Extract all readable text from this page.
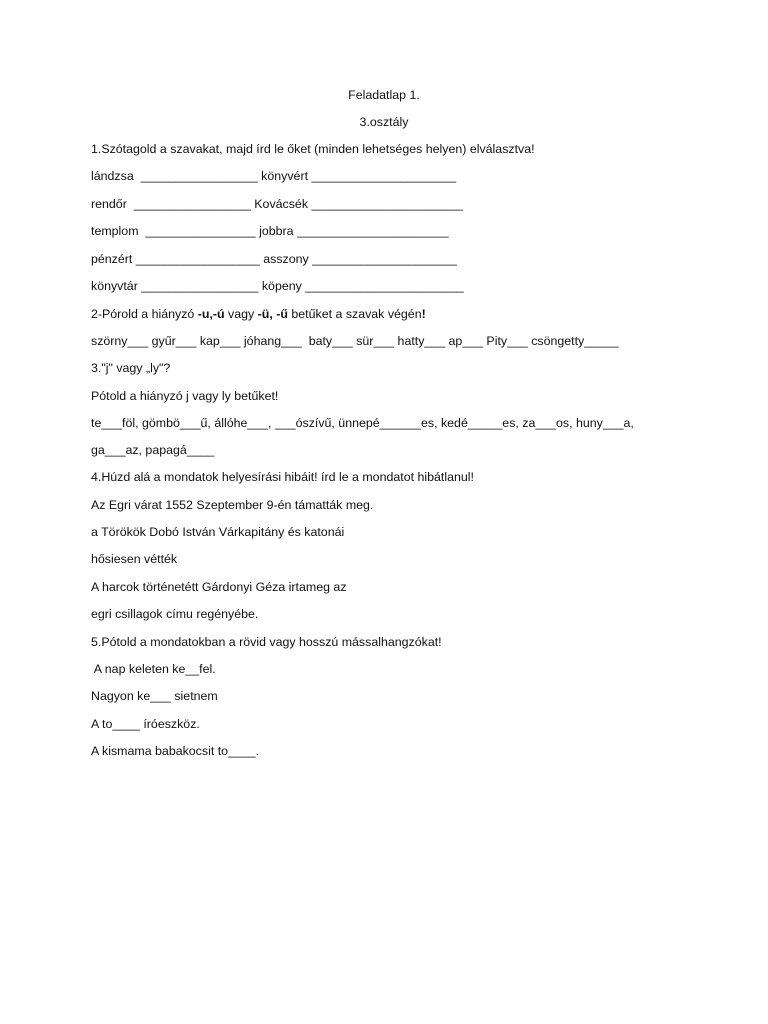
Feladatlap 1.
3.osztály
1.Szótagold a szavakat, majd írd le őket (minden lehetséges helyen) elválasztva!
lándzsa  _________________ könyvért _____________________
rendőr  _________________ Kovácsék ______________________
templom  ________________ jobbra ______________________
pénzért __________________ asszony _____________________
könyvtár _________________ köpeny _______________________
2-Pórold a hiányzó -u,-ú vagy -ü, -ű betűket a szavak végén!
szörny___ gyűr___ kap___ jóhang___  baty___ sür___ hatty___ ap___ Pity___ csöngetty_____
3."j" vagy „ly"?
Pótold a hiányzó j vagy ly betűket!
te___föl, gömbö___ű, állóhe___, ___ószívű, ünnepé______es, kedé_____es, za___os, huny___a,
ga___az, papagá____
4.Húzd alá a mondatok helyesírási hibáit! írd le a mondatot hibátlanul!
Az Egri várat 1552 Szeptember 9-én támatták meg.
a Törökök Dobó István Várkapitány és katonái
hősiesen vétték
A harcok történetétt Gárdonyi Géza irtameg az
egri csillagok címu regényébe.
5.Pótold a mondatokban a rövid vagy hosszú mássalhangzókat!
A nap keleten ke__fel.
Nagyon ke___ sietnem
A to____ íróeszköz.
A kismama babakocsit to____.
